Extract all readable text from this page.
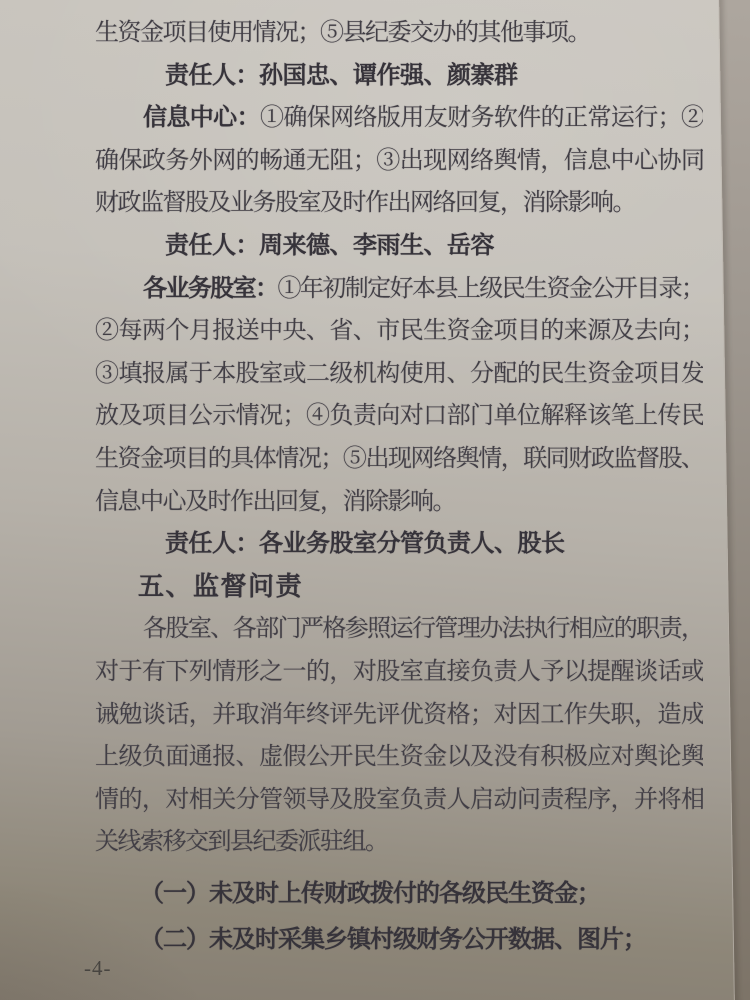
生资金项目使用情况；⑤县纪委交办的其他事项。
责任人：孙国忠、谭作强、颜寨群
信息中心：①确保网络版用友财务软件的正常运行；②
确保政务外网的畅通无阻；③出现网络舆情，信息中心协同
财政监督股及业务股室及时作出网络回复，消除影响。
责任人：周来德、李雨生、岳容
各业务股室：①年初制定好本县上级民生资金公开目录；
②每两个月报送中央、省、市民生资金项目的来源及去向；
③填报属于本股室或二级机构使用、分配的民生资金项目发
放及项目公示情况；④负责向对口部门单位解释该笔上传民
生资金项目的具体情况；⑤出现网络舆情，联同财政监督股、
信息中心及时作出回复，消除影响。
责任人：各业务股室分管负责人、股长
五、监督问责
各股室、各部门严格参照运行管理办法执行相应的职责，
对于有下列情形之一的，对股室直接负责人予以提醒谈话或
诫勉谈话，并取消年终评先评优资格；对因工作失职，造成
上级负面通报、虚假公开民生资金以及没有积极应对舆论舆
情的，对相关分管领导及股室负责人启动问责程序，并将相
关线索移交到县纪委派驻组。
（一）未及时上传财政拨付的各级民生资金；
（二）未及时采集乡镇村级财务公开数据、图片；
-4-
